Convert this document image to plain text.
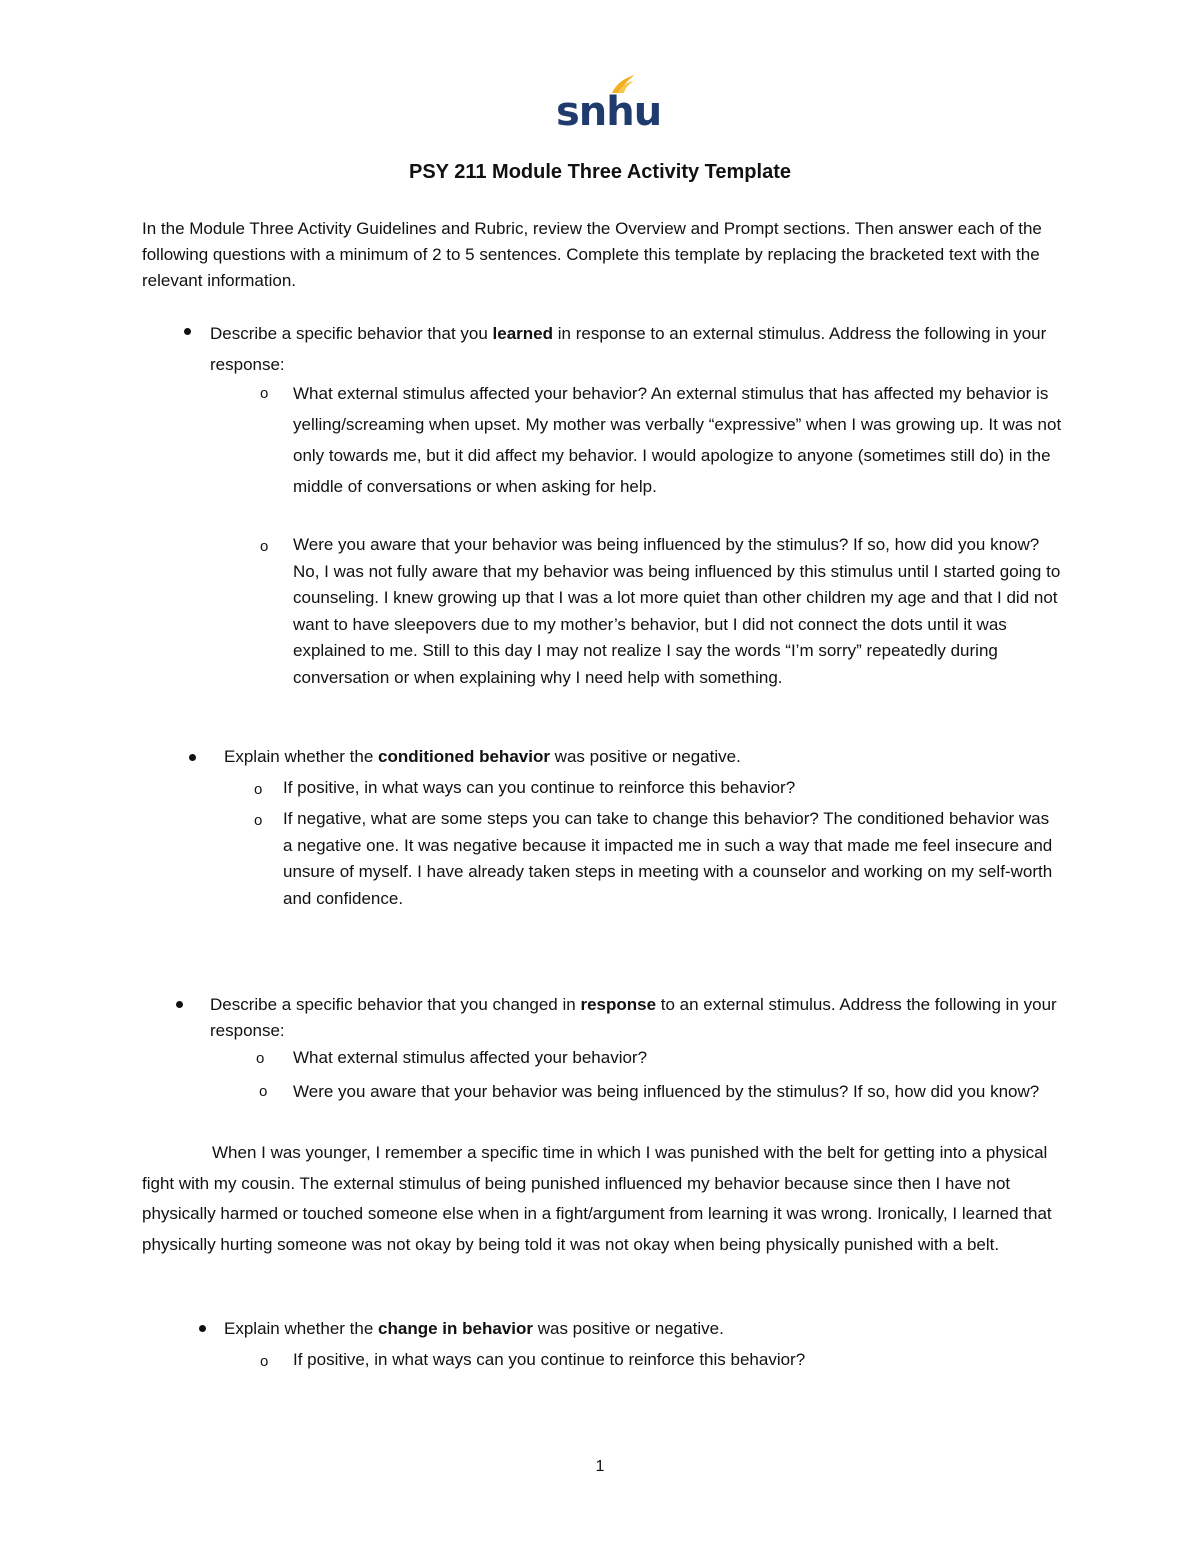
snhu
PSY 211 Module Three Activity Template

In the Module Three Activity Guidelines and Rubric, review the Overview and Prompt sections. Then answer each of the following questions with a minimum of 2 to 5 sentences. Complete this template by replacing the bracketed text with the relevant information.

Describe a specific behavior that you learned in response to an external stimulus. Address the following in your response:

o What external stimulus affected your behavior? An external stimulus that has affected my behavior is yelling/screaming when upset. My mother was verbally “expressive” when I was growing up. It was not only towards me, but it did affect my behavior. I would apologize to anyone (sometimes still do) in the middle of conversations or when asking for help.

o Were you aware that your behavior was being influenced by the stimulus? If so, how did you know? No, I was not fully aware that my behavior was being influenced by this stimulus until I started going to counseling. I knew growing up that I was a lot more quiet than other children my age and that I did not want to have sleepovers due to my mother’s behavior, but I did not connect the dots until it was explained to me. Still to this day I may not realize I say the words “I’m sorry” repeatedly during conversation or when explaining why I need help with something.

Explain whether the conditioned behavior was positive or negative.

o If positive, in what ways can you continue to reinforce this behavior?

o If negative, what are some steps you can take to change this behavior? The conditioned behavior was a negative one. It was negative because it impacted me in such a way that made me feel insecure and unsure of myself. I have already taken steps in meeting with a counselor and working on my self-worth and confidence.

Describe a specific behavior that you changed in response to an external stimulus. Address the following in your response:

o What external stimulus affected your behavior?

o Were you aware that your behavior was being influenced by the stimulus? If so, how did you know?

When I was younger, I remember a specific time in which I was punished with the belt for getting into a physical fight with my cousin. The external stimulus of being punished influenced my behavior because since then I have not physically harmed or touched someone else when in a fight/argument from learning it was wrong. Ironically, I learned that physically hurting someone was not okay by being told it was not okay when being physically punished with a belt.

Explain whether the change in behavior was positive or negative.

o If positive, in what ways can you continue to reinforce this behavior?

1
